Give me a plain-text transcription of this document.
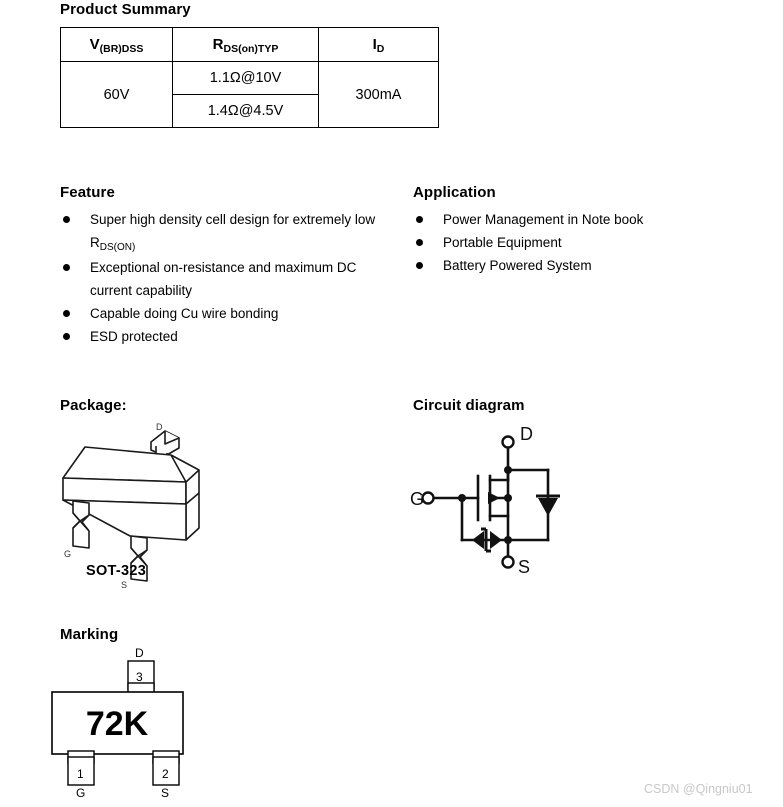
Product Summary
$V_{(BR)DSS}$	$R_{DS(on)TYP}$	$I_D$
60V	1.1Ω@10V	300mA
	1.4Ω@4.5V	
Feature
Super high density cell design for extremely low $R_{DS(ON)}$
Exceptional on-resistance and maximum DC current capability
Capable doing Cu wire bonding
ESD protected
Application
Power Management in Note book
Portable Equipment
Battery Powered System
Package:
D
G
S
SOT-323
Circuit diagram
D
S
G
Marking
3
D
72K
1
G
2
S	CSDN @Qingniu01
